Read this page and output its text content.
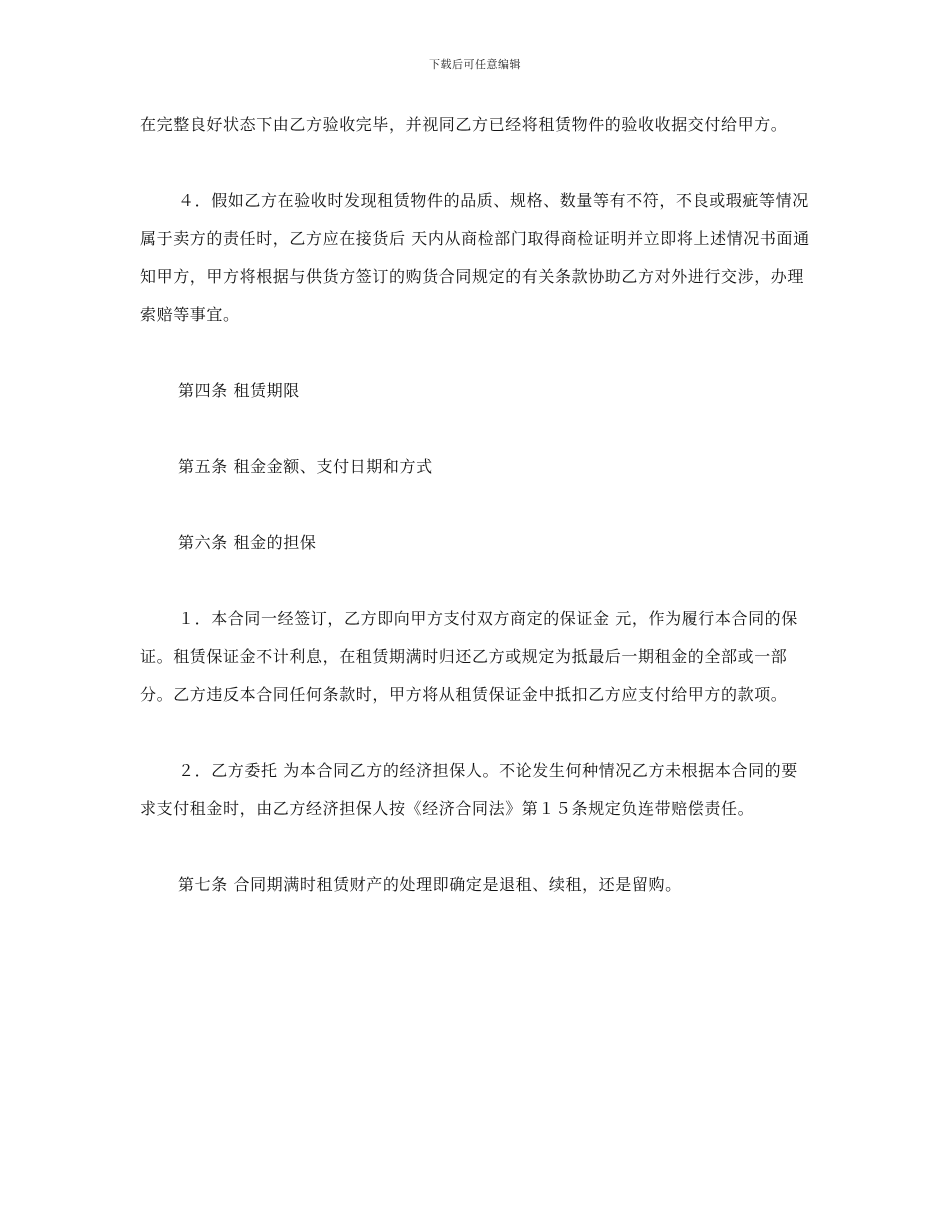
下载后可任意编辑

在完整良好状态下由乙方验收完毕，并视同乙方已经将租赁物件的验收收据交付给甲方。

４．假如乙方在验收时发现租赁物件的品质、规格、数量等有不符，不良或瑕疵等情况属于卖方的责任时，乙方应在接货后 天内从商检部门取得商检证明并立即将上述情况书面通知甲方，甲方将根据与供货方签订的购货合同规定的有关条款协助乙方对外进行交涉，办理索赔等事宜。

第四条 租赁期限

第五条 租金金额、支付日期和方式

第六条 租金的担保

１．本合同一经签订，乙方即向甲方支付双方商定的保证金 元，作为履行本合同的保证。租赁保证金不计利息，在租赁期满时归还乙方或规定为抵最后一期租金的全部或一部分。乙方违反本合同任何条款时，甲方将从租赁保证金中抵扣乙方应支付给甲方的款项。

２．乙方委托 为本合同乙方的经济担保人。不论发生何种情况乙方未根据本合同的要求支付租金时，由乙方经济担保人按《经济合同法》第１５条规定负连带赔偿责任。

第七条 合同期满时租赁财产的处理即确定是退租、续租，还是留购。
